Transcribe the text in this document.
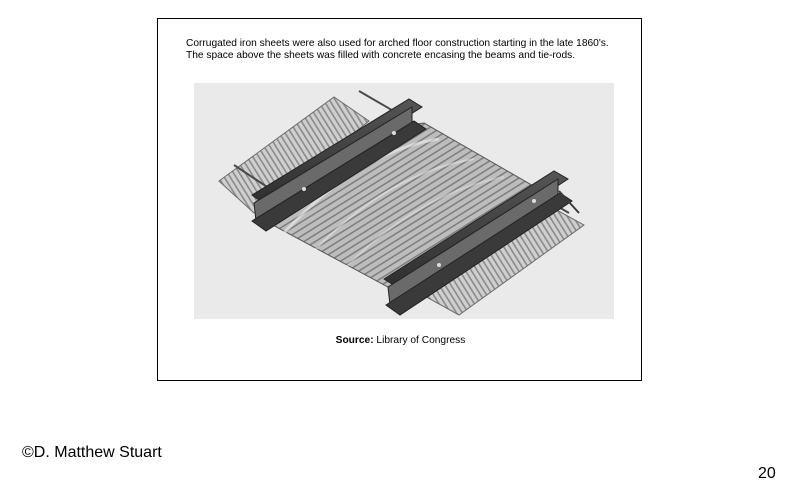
Corrugated iron sheets were also used for arched floor construction starting in the late 1860's. The space above the sheets was filled with concrete encasing the beams and tie-rods.

Source: Library of Congress
©D. Matthew Stuart
20
